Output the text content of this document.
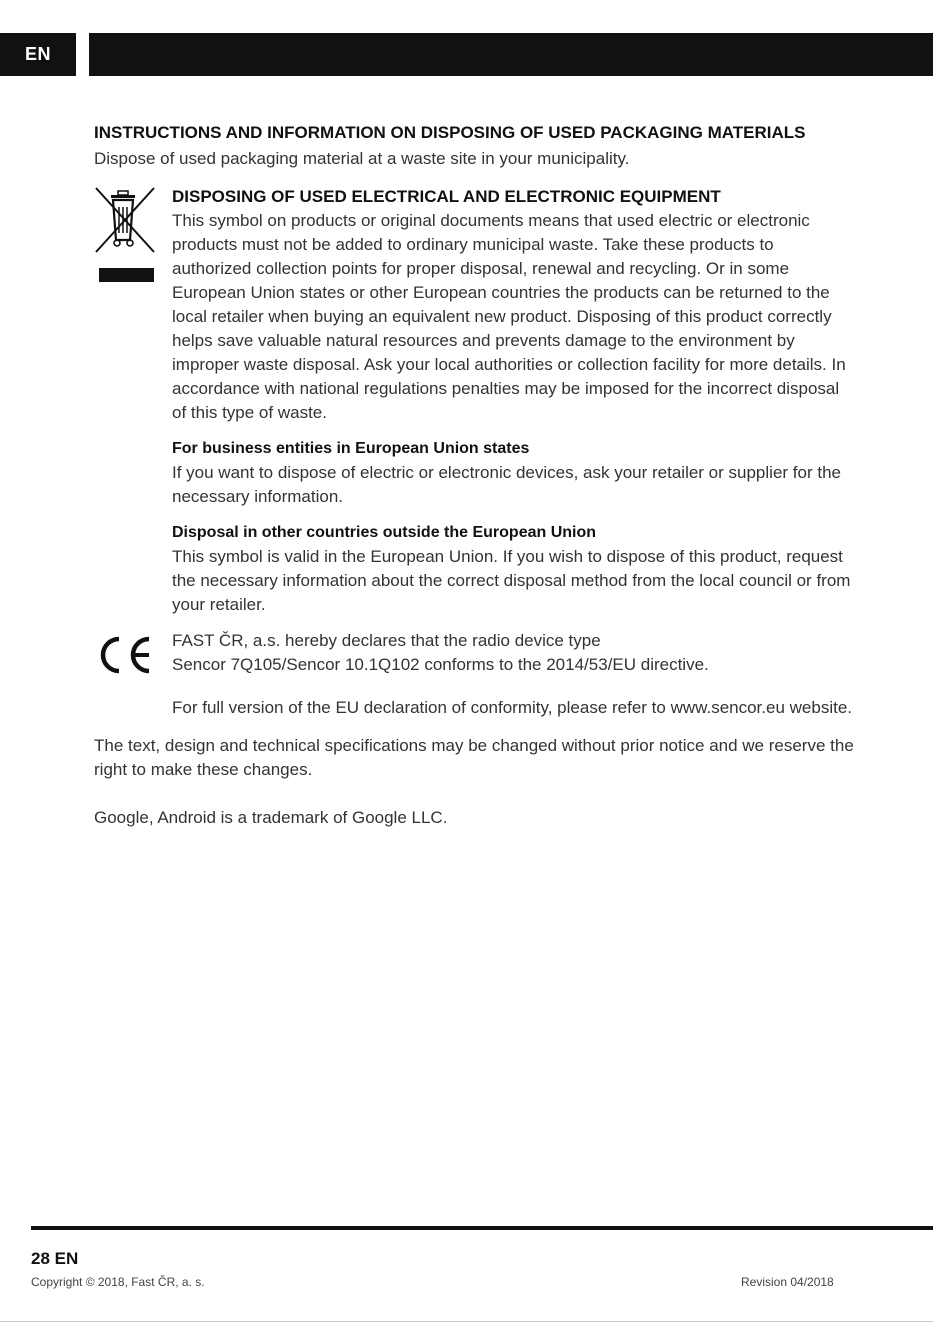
EN
INSTRUCTIONS AND INFORMATION ON DISPOSING OF USED PACKAGING MATERIALS

Dispose of used packaging material at a waste site in your municipality.

DISPOSING OF USED ELECTRICAL AND ELECTRONIC EQUIPMENT

This symbol on products or original documents means that used electric or electronic products must not be added to ordinary municipal waste. Take these products to authorized collection points for proper disposal, renewal and recycling. Or in some European Union states or other European countries the products can be returned to the local retailer when buying an equivalent new product. Disposing of this product correctly helps save valuable natural resources and prevents damage to the environment by improper waste disposal. Ask your local authorities or collection facility for more details. In accordance with national regulations penalties may be imposed for the incorrect disposal of this type of waste.

For business entities in European Union states

If you want to dispose of electric or electronic devices, ask your retailer or supplier for the necessary information.

Disposal in other countries outside the European Union

This symbol is valid in the European Union. If you wish to dispose of this product, request the necessary information about the correct disposal method from the local council or from your retailer.

FAST ČR, a.s. hereby declares that the radio device type

Sencor 7Q105/Sencor 10.1Q102 conforms to the 2014/53/EU directive.

For full version of the EU declaration of conformity, please refer to www.sencor.eu website.

The text, design and technical specifications may be changed without prior notice and we reserve the right to make these changes.

Google, Android is a trademark of Google LLC.

28 EN
Copyright © 2018, Fast ČR, a. s.	Revision 04/2018
